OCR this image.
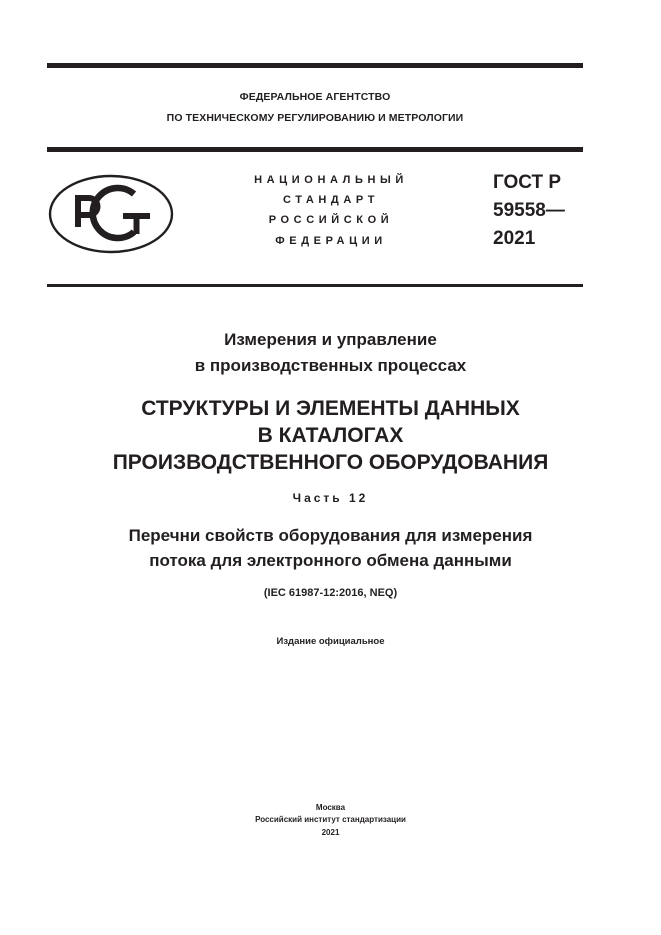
ФЕДЕРАЛЬНОЕ АГЕНТСТВО
ПО ТЕХНИЧЕСКОМУ РЕГУЛИРОВАНИЮ И МЕТРОЛОГИИ
НАЦИОНАЛЬНЫЙ
СТАНДАРТ
РОССИЙСКОЙ
ФЕДЕРАЦИИ
ГОСТ Р
59558—
2021
Измерения и управление
в производственных процессах
СТРУКТУРЫ И ЭЛЕМЕНТЫ ДАННЫХ
В КАТАЛОГАХ
ПРОИЗВОДСТВЕННОГО ОБОРУДОВАНИЯ
Часть 12
Перечни свойств оборудования для измерения
потока для электронного обмена данными
(IEC 61987-12:2016, NEQ)
Издание официальное
Москва
Российский институт стандартизации
2021
